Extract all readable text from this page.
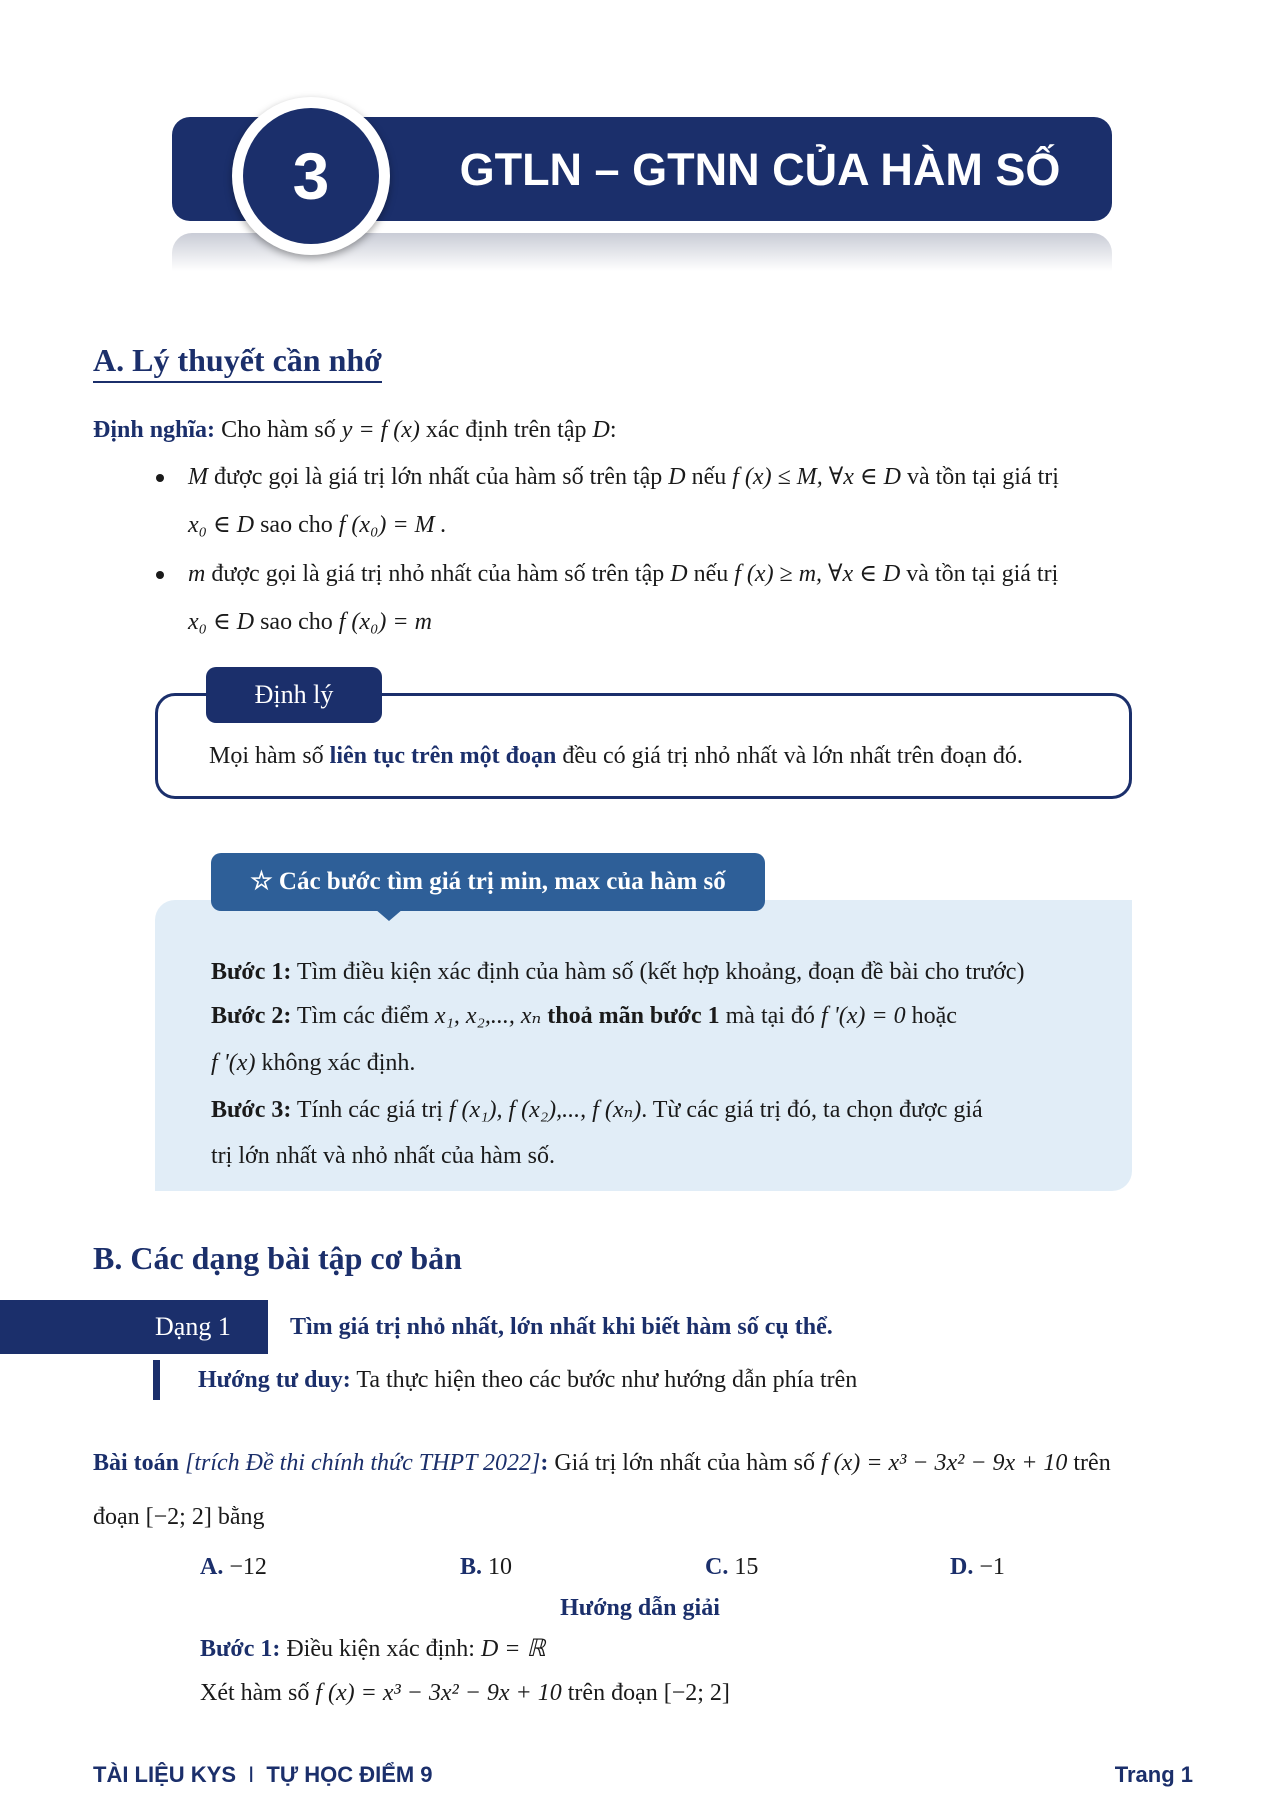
3	GTLN – GTNN CỦA HÀM SỐ
A. Lý thuyết cần nhớ
Định nghĩa: Cho hàm số y = f (x) xác định trên tập D:
M được gọi là giá trị lớn nhất của hàm số trên tập D nếu f (x) ≤ M, ∀x ∈ D và tồn tại giá trị
x₀ ∈ D sao cho f (x₀) = M .
m được gọi là giá trị nhỏ nhất của hàm số trên tập D nếu f (x) ≥ m, ∀x ∈ D và tồn tại giá trị
x₀ ∈ D sao cho f (x₀) = m
Định lý
Mọi hàm số liên tục trên một đoạn đều có giá trị nhỏ nhất và lớn nhất trên đoạn đó.
☆ Các bước tìm giá trị min, max của hàm số
Bước 1: Tìm điều kiện xác định của hàm số (kết hợp khoảng, đoạn đề bài cho trước)
Bước 2: Tìm các điểm x₁, x₂,..., xₙ thoả mãn bước 1 mà tại đó f '(x) = 0 hoặc
f '(x) không xác định.
Bước 3: Tính các giá trị f (x₁), f (x₂),..., f (xₙ). Từ các giá trị đó, ta chọn được giá
trị lớn nhất và nhỏ nhất của hàm số.
B. Các dạng bài tập cơ bản
Dạng 1	Tìm giá trị nhỏ nhất, lớn nhất khi biết hàm số cụ thể.
Hướng tư duy: Ta thực hiện theo các bước như hướng dẫn phía trên
Bài toán [trích Đề thi chính thức THPT 2022]: Giá trị lớn nhất của hàm số f (x) = x³ − 3x² − 9x + 10 trên
đoạn [−2; 2] bằng
A. −12	B. 10	C. 15	D. −1
Hướng dẫn giải
Bước 1: Điều kiện xác định: D = ℝ
Xét hàm số f (x) = x³ − 3x² − 9x + 10 trên đoạn [−2; 2]
TÀI LIỆU KYS I TỰ HỌC ĐIỂM 9	Trang 1
